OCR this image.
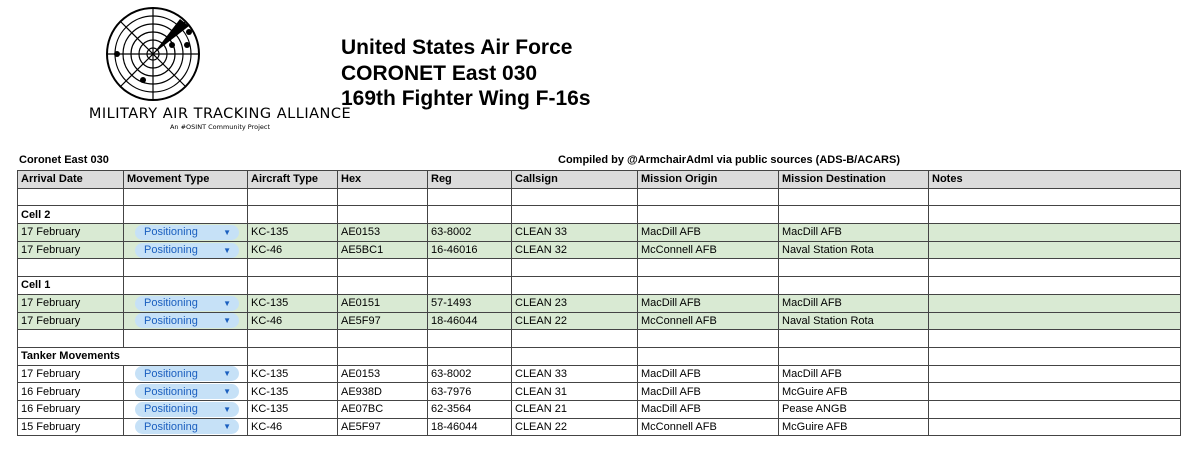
MILITARY AIR TRACKING ALLIANCE
An #OSINT Community Project
United States Air Force
CORONET East 030
169th Fighter Wing F-16s
Coronet East 030	Compiled by @ArmchairAdml via public sources (ADS-B/ACARS)
Arrival Date	Movement Type	Aircraft Type	Hex	Reg	Callsign	Mission Origin	Mission Destination	Notes

Cell 2								
17 February	Positioning ▼	KC-135	AE0153	63-8002	CLEAN 33	MacDill AFB	MacDill AFB	
17 February	Positioning ▼	KC-46	AE5BC1	16-46016	CLEAN 32	McConnell AFB	Naval Station Rota	

Cell 1								
17 February	Positioning ▼	KC-135	AE0151	57-1493	CLEAN 23	MacDill AFB	MacDill AFB	
17 February	Positioning ▼	KC-46	AE5F97	18-46044	CLEAN 22	McConnell AFB	Naval Station Rota	

Tanker Movements								
17 February	Positioning ▼	KC-135	AE0153	63-8002	CLEAN 33	MacDill AFB	MacDill AFB	
16 February	Positioning ▼	KC-135	AE938D	63-7976	CLEAN 31	MacDill AFB	McGuire AFB	
16 February	Positioning ▼	KC-135	AE07BC	62-3564	CLEAN 21	MacDill AFB	Pease ANGB	
15 February	Positioning ▼	KC-46	AE5F97	18-46044	CLEAN 22	McConnell AFB	McGuire AFB	
